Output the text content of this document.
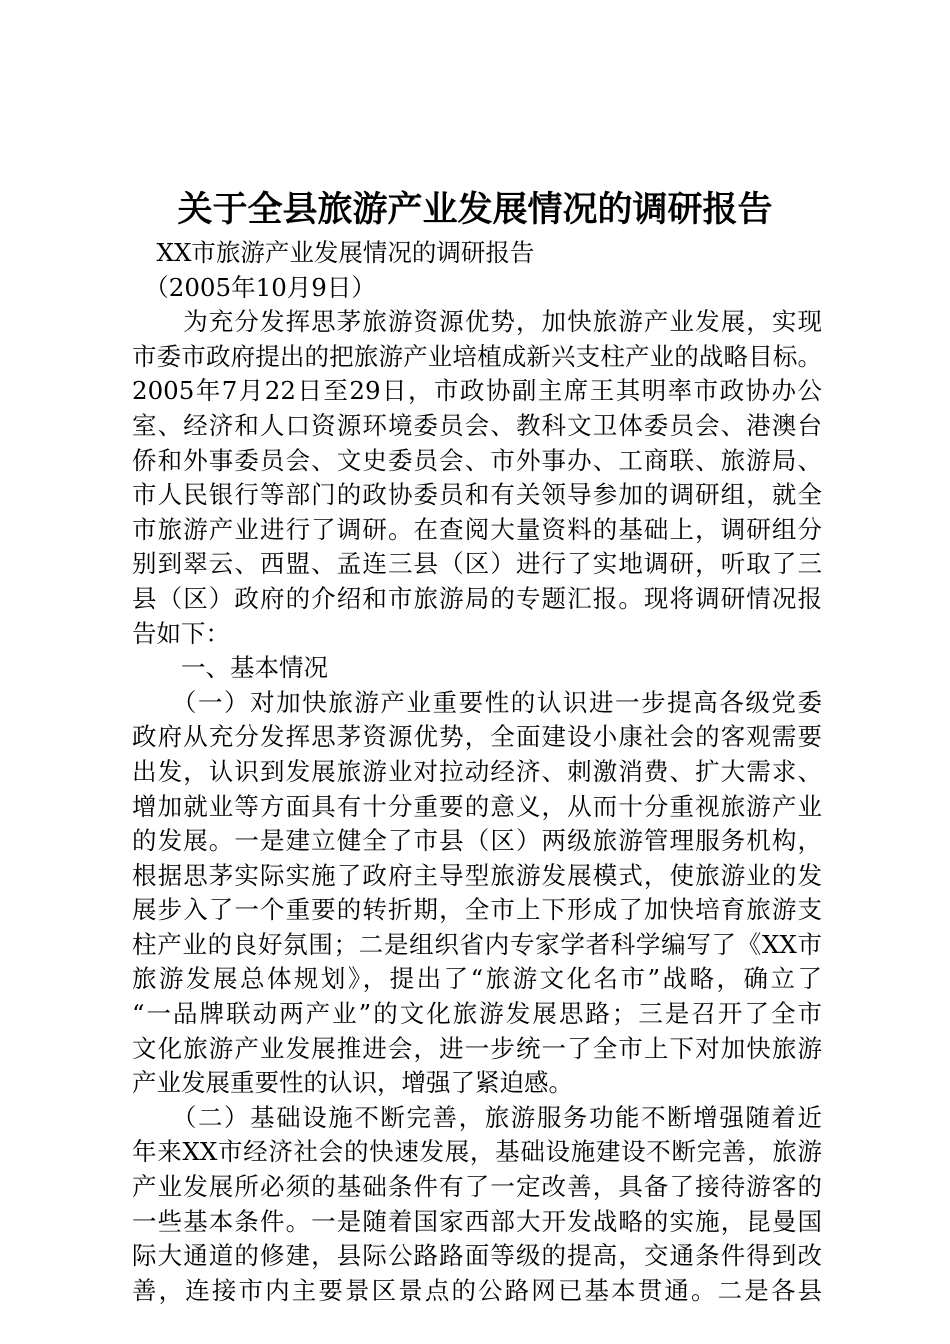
关于全县旅游产业发展情况的调研报告
　XX市旅游产业发展情况的调研报告
　（2005年10月9日）
　　为充分发挥思茅旅游资源优势，加快旅游产业发展，实现
市委市政府提出的把旅游产业培植成新兴支柱产业的战略目标。
2005年7月22日至29日，市政协副主席王其明率市政协办公
室、经济和人口资源环境委员会、教科文卫体委员会、港澳台
侨和外事委员会、文史委员会、市外事办、工商联、旅游局、
市人民银行等部门的政协委员和有关领导参加的调研组，就全
市旅游产业进行了调研。在查阅大量资料的基础上，调研组分
别到翠云、西盟、孟连三县（区）进行了实地调研，听取了三
县（区）政府的介绍和市旅游局的专题汇报。现将调研情况报
告如下：
　　一、基本情况
　　（一）对加快旅游产业重要性的认识进一步提高各级党委
政府从充分发挥思茅资源优势，全面建设小康社会的客观需要
出发，认识到发展旅游业对拉动经济、刺激消费、扩大需求、
增加就业等方面具有十分重要的意义，从而十分重视旅游产业
的发展。一是建立健全了市县（区）两级旅游管理服务机构，
根据思茅实际实施了政府主导型旅游发展模式，使旅游业的发
展步入了一个重要的转折期，全市上下形成了加快培育旅游支
柱产业的良好氛围；二是组织省内专家学者科学编写了《XX市
旅游发展总体规划》，提出了“旅游文化名市”战略，确立了
“一品牌联动两产业”的文化旅游发展思路；三是召开了全市
文化旅游产业发展推进会，进一步统一了全市上下对加快旅游
产业发展重要性的认识，增强了紧迫感。
　　（二）基础设施不断完善，旅游服务功能不断增强随着近
年来XX市经济社会的快速发展，基础设施建设不断完善，旅游
产业发展所必须的基础条件有了一定改善，具备了接待游客的
一些基本条件。一是随着国家西部大开发战略的实施，昆曼国
际大通道的修建，县际公路路面等级的提高，交通条件得到改
善，连接市内主要景区景点的公路网已基本贯通。二是各县
